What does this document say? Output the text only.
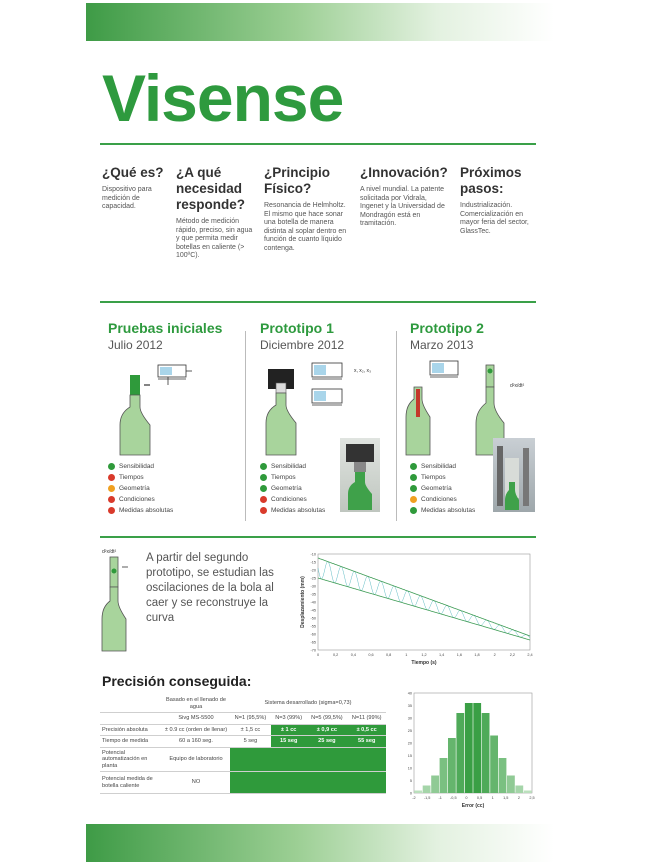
Visense
¿Qué es?

Dispositivo para medición de capacidad.

¿A qué necesidad responde?

Método de medición rápido, preciso, sin agua y que permita medir botellas en caliente (> 100ºC).

¿Principio Físico?

Resonancia de Helmholtz. El mismo que hace sonar una botella de manera distinta al soplar dentro en función de cuanto líquido contenga.

¿Innovación?

A nivel mundial. La patente solicitada por Vidrala, Ingenet y la Universidad de Mondragón está en tramitación.

Próximos pasos:

Industrialización. Comercialización en mayor feria del sector, GlassTec.

Pruebas iniciales
Julio 2012
Sensibilidad
Tiempos
Geometría
Condiciones
Medidas absolutas
Prototipo 1
Diciembre 2012
x, x₂, x₃
Sensibilidad
Tiempos
Geometría
Condiciones
Medidas absolutas
Prototipo 2
Marzo 2013
d²x/dt²
Sensibilidad
Tiempos
Geometría
Condiciones
Medidas absolutas
d²x/dt²	A partir del segundo prototipo, se estudian las oscilaciones de la bola al caer y se reconstruye la curva

-10
-15
-20
-25
-30
-35
-40
-45
-50
-55
-60
-65
-70
0	0,2	0,4	0,6	0,8	1	1,2	1,4	1,6	1,8	2	2,2	2,4
Tiempo (s)
Desplazamiento (mm)
Precisión conseguida:
	Basado en el llenado de agua	Sistema desarrollado (sigma=0,73)			
	Sivg MS-5500	N=1 (95,5%)	N=3 (99%)	N=5 (99,5%)	N=11 (99%)
Precisión absoluta	± 0.9 cc (orden de llenar)	± 1,5 cc	± 1 cc	± 0,9 cc	± 0,5 cc
Tiempo de medida	60 a 160 seg.	5 seg	15 seg	25 seg	55 seg
Potencial automatización en planta	Equipo de laboratorio				
Potencial medida de botella caliente	NO				
0
5
10
15
20
25
30
35
40
-2 -1,5 -1 -0,5 0 0,5 1 1,5 2 2,5
Error (cc)
